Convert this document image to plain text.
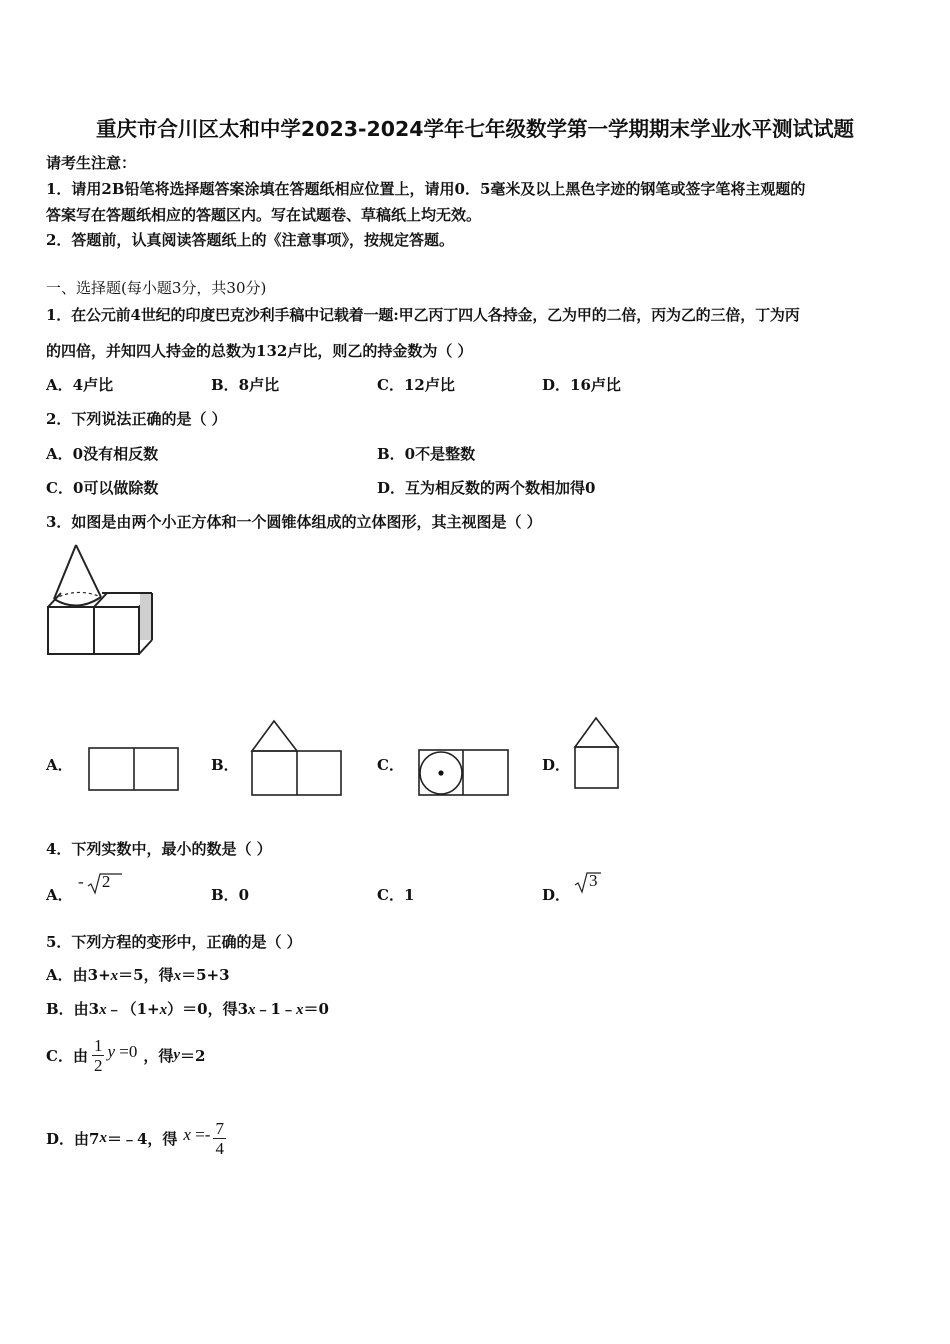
重庆市合川区太和中学2023-2024学年七年级数学第一学期期末学业水平测试试题
请考生注意：
1．请用2B铅笔将选择题答案涂填在答题纸相应位置上，请用0．5毫米及以上黑色字迹的钢笔或签字笔将主观题的
答案写在答题纸相应的答题区内。写在试题卷、草稿纸上均无效。
2．答题前，认真阅读答题纸上的《注意事项》，按规定答题。
一、选择题(每小题3分，共30分)
1．在公元前4世纪的印度巴克沙利手稿中记载着一题:甲乙丙丁四人各持金，乙为甲的二倍，丙为乙的三倍，丁为丙
的四倍，并知四人持金的总数为132卢比，则乙的持金数为（ ）
A．4卢比	B．8卢比	C．12卢比	D．16卢比
2．下列说法正确的是（ ）
A．0没有相反数	B．0不是整数
C．0可以做除数	D．互为相反数的两个数相加得0
3．如图是由两个小正方体和一个圆锥体组成的立体图形，其主视图是（ ）
A．	B．	C．	D．
4．下列实数中，最小的数是（ ）
A．
- 2
B．0	C．1	D．
3
5．下列方程的变形中，正确的是（ ）
A．由3+x＝5，得x＝5+3
B．由3x﹣（1+x）＝0，得3x﹣1﹣x＝0
C．由 $\frac{1}{2}$ y =0 ，得 y ＝2
D．由7 x ＝﹣4，得 $x =- \frac{7}{4}$
